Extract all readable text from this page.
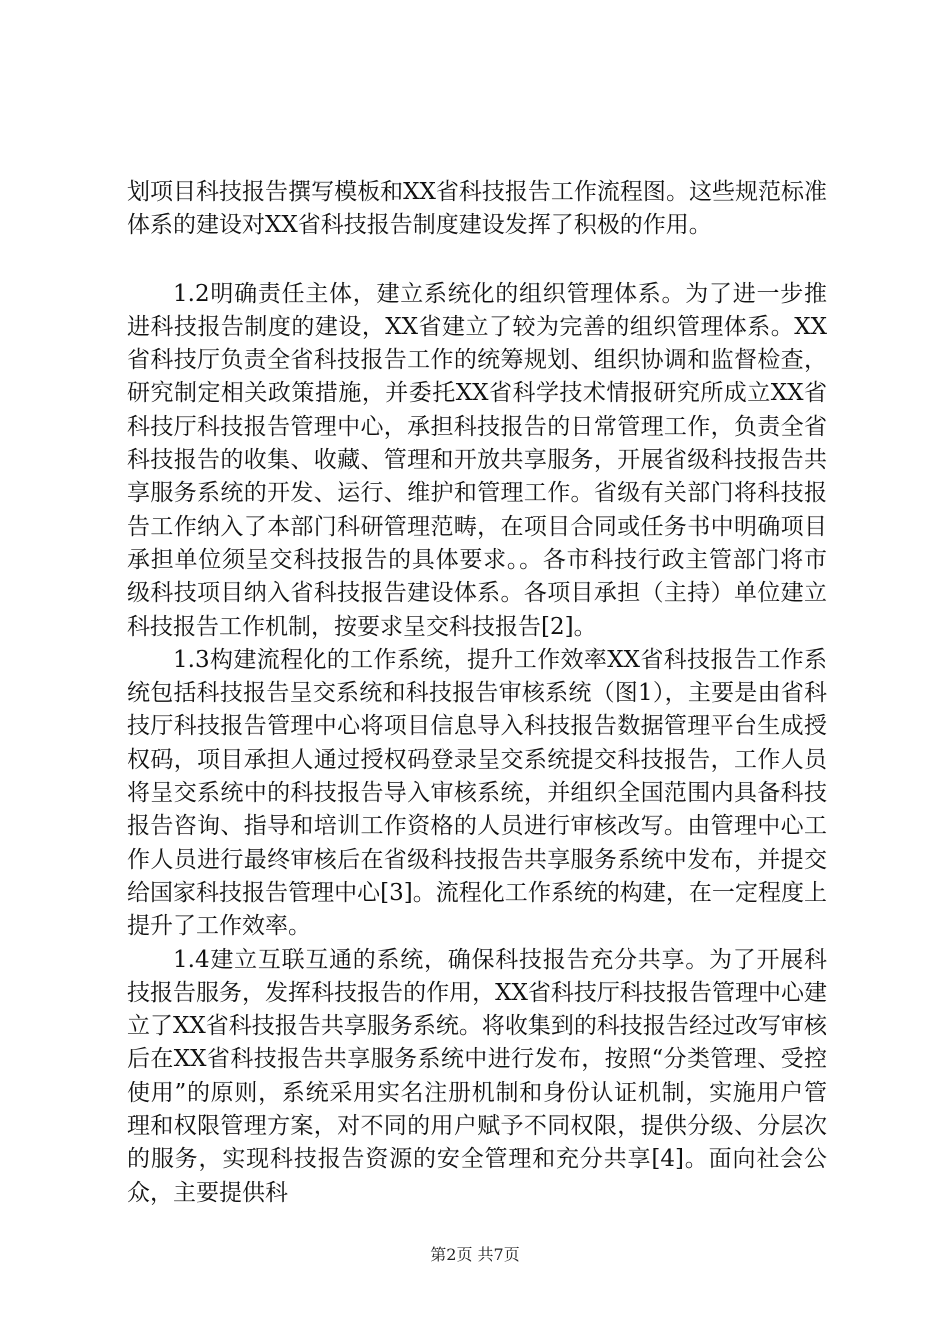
划项目科技报告撰写模板和XX省科技报告工作流程图。这些规范标准体系的建设对XX省科技报告制度建设发挥了积极的作用。

1.2明确责任主体，建立系统化的组织管理体系。为了进一步推进科技报告制度的建设，XX省建立了较为完善的组织管理体系。XX省科技厅负责全省科技报告工作的统筹规划、组织协调和监督检查，研究制定相关政策措施，并委托XX省科学技术情报研究所成立XX省科技厅科技报告管理中心，承担科技报告的日常管理工作，负责全省科技报告的收集、收藏、管理和开放共享服务，开展省级科技报告共享服务系统的开发、运行、维护和管理工作。省级有关部门将科技报告工作纳入了本部门科研管理范畴，在项目合同或任务书中明确项目承担单位须呈交科技报告的具体要求。。各市科技行政主管部门将市级科技项目纳入省科技报告建设体系。各项目承担（主持）单位建立科技报告工作机制，按要求呈交科技报告[2]。

1.3构建流程化的工作系统，提升工作效率XX省科技报告工作系统包括科技报告呈交系统和科技报告审核系统（图1），主要是由省科技厅科技报告管理中心将项目信息导入科技报告数据管理平台生成授权码，项目承担人通过授权码登录呈交系统提交科技报告，工作人员将呈交系统中的科技报告导入审核系统，并组织全国范围内具备科技报告咨询、指导和培训工作资格的人员进行审核改写。由管理中心工作人员进行最终审核后在省级科技报告共享服务系统中发布，并提交给国家科技报告管理中心[3]。流程化工作系统的构建，在一定程度上提升了工作效率。

1.4建立互联互通的系统，确保科技报告充分共享。为了开展科技报告服务，发挥科技报告的作用，XX省科技厅科技报告管理中心建立了XX省科技报告共享服务系统。将收集到的科技报告经过改写审核后在XX省科技报告共享服务系统中进行发布，按照“分类管理、受控使用”的原则，系统采用实名注册机制和身份认证机制，实施用户管理和权限管理方案，对不同的用户赋予不同权限，提供分级、分层次的服务，实现科技报告资源的安全管理和充分共享[4]。面向社会公众，主要提供科

第2页 共7页
